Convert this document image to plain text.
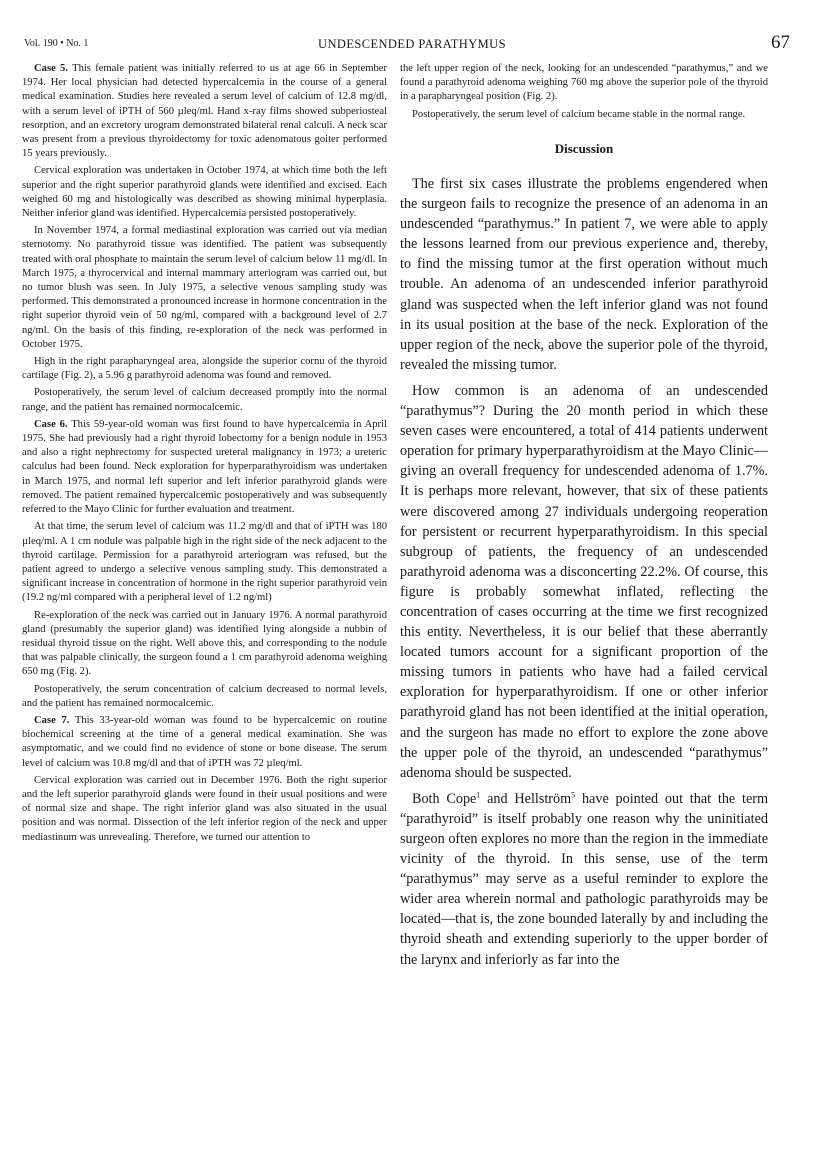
Vol. 190 • No. 1	UNDESCENDED PARATHYMUS	67

Case 5. This female patient was initially referred to us at age 66 in September 1974. Her local physician had detected hypercalcemia in the course of a general medical examination. Studies here revealed a serum level of calcium of 12.8 mg/dl, with a serum level of iPTH of 560 µleq/ml. Hand x-ray films showed subperiosteal resorption, and an excretory urogram demonstrated bilateral renal calculi. A neck scar was present from a previous thyroidectomy for toxic adenomatous goiter performed 15 years previously.

Cervical exploration was undertaken in October 1974, at which time both the left superior and the right superior parathyroid glands were identified and excised. Each weighed 60 mg and histologically was described as showing minimal hyperplasia. Neither inferior gland was identified. Hypercalcemia persisted postoperatively.

In November 1974, a formal mediastinal exploration was carried out via median sternotomy. No parathyroid tissue was identified. The patient was subsequently treated with oral phosphate to maintain the serum level of calcium below 11 mg/dl. In March 1975, a thyrocervical and internal mammary arteriogram was carried out, but no tumor blush was seen. In July 1975, a selective venous sampling study was performed. This demonstrated a pronounced increase in hormone concentration in the right superior thyroid vein of 50 ng/ml, compared with a background level of 2.7 ng/ml. On the basis of this finding, re-exploration of the neck was performed in October 1975.

High in the right parapharyngeal area, alongside the superior cornu of the thyroid cartilage (Fig. 2), a 5.96 g parathyroid adenoma was found and removed.

Postoperatively, the serum level of calcium decreased promptly into the normal range, and the patient has remained normocalcemic.

Case 6. This 59-year-old woman was first found to have hypercalcemia in April 1975. She had previously had a right thyroid lobectomy for a benign nodule in 1953 and also a right nephrectomy for suspected ureteral malignancy in 1973; a ureteric calculus had been found. Neck exploration for hyperparathyroidism was undertaken in March 1975, and normal left superior and left inferior parathyroid glands were removed. The patient remained hypercalcemic postoperatively and was subsequently referred to the Mayo Clinic for further evaluation and treatment.

At that time, the serum level of calcium was 11.2 mg/dl and that of iPTH was 180 µleq/ml. A 1 cm nodule was palpable high in the right side of the neck adjacent to the thyroid cartilage. Permission for a parathyroid arteriogram was refused, but the patient agreed to undergo a selective venous sampling study. This demonstrated a significant increase in concentration of hormone in the right superior parathyroid vein (19.2 ng/ml compared with a peripheral level of 1.2 ng/ml)

Re-exploration of the neck was carried out in January 1976. A normal parathyroid gland (presumably the superior gland) was identified lying alongside a nubbin of residual thyroid tissue on the right. Well above this, and corresponding to the nodule that was palpable clinically, the surgeon found a 1 cm parathyroid adenoma weighing 650 mg (Fig. 2).

Postoperatively, the serum concentration of calcium decreased to normal levels, and the patient has remained normocalcemic.

Case 7. This 33-year-old woman was found to be hypercalcemic on routine biochemical screening at the time of a general medical examination. She was asymptomatic, and we could find no evidence of stone or bone disease. The serum level of calcium was 10.8 mg/dl and that of iPTH was 72 µleq/ml.

Cervical exploration was carried out in December 1976. Both the right superior and the left superior parathyroid glands were found in their usual positions and were of normal size and shape. The right inferior gland was also situated in the usual position and was normal. Dissection of the left inferior region of the neck and upper mediastinum was unrevealing. Therefore, we turned our attention to

the left upper region of the neck, looking for an undescended “parathymus,” and we found a parathyroid adenoma weighing 760 mg above the superior pole of the thyroid in a parapharyngeal position (Fig. 2).

Postoperatively, the serum level of calcium became stable in the normal range.

Discussion

The first six cases illustrate the problems engendered when the surgeon fails to recognize the presence of an adenoma in an undescended “parathymus.” In patient 7, we were able to apply the lessons learned from our previous experience and, thereby, to find the missing tumor at the first operation without much trouble. An adenoma of an undescended inferior parathyroid gland was suspected when the left inferior gland was not found in its usual position at the base of the neck. Exploration of the upper region of the neck, above the superior pole of the thyroid, revealed the missing tumor.

How common is an adenoma of an undescended “parathymus”? During the 20 month period in which these seven cases were encountered, a total of 414 patients underwent operation for primary hyperparathyroidism at the Mayo Clinic—giving an overall frequency for undescended adenoma of 1.7%. It is perhaps more relevant, however, that six of these patients were discovered among 27 individuals undergoing reoperation for persistent or recurrent hyperparathyroidism. In this special subgroup of patients, the frequency of an undescended parathyroid adenoma was a disconcerting 22.2%. Of course, this figure is probably somewhat inflated, reflecting the concentration of cases occurring at the time we first recognized this entity. Nevertheless, it is our belief that these aberrantly located tumors account for a significant proportion of the missing tumors in patients who have had a failed cervical exploration for hyperparathyroidism. If one or other inferior parathyroid gland has not been identified at the initial operation, and the surgeon has made no effort to explore the zone above the upper pole of the thyroid, an undescended “parathymus” adenoma should be suspected.

Both Cope$^1$ and Hellström$^5$ have pointed out that the term “parathyroid” is itself probably one reason why the uninitiated surgeon often explores no more than the region in the immediate vicinity of the thyroid. In this sense, use of the term “parathymus” may serve as a useful reminder to explore the wider area wherein normal and pathologic parathyroids may be located—that is, the zone bounded laterally by and including the thyroid sheath and extending superiorly to the upper border of the larynx and inferiorly as far into the
